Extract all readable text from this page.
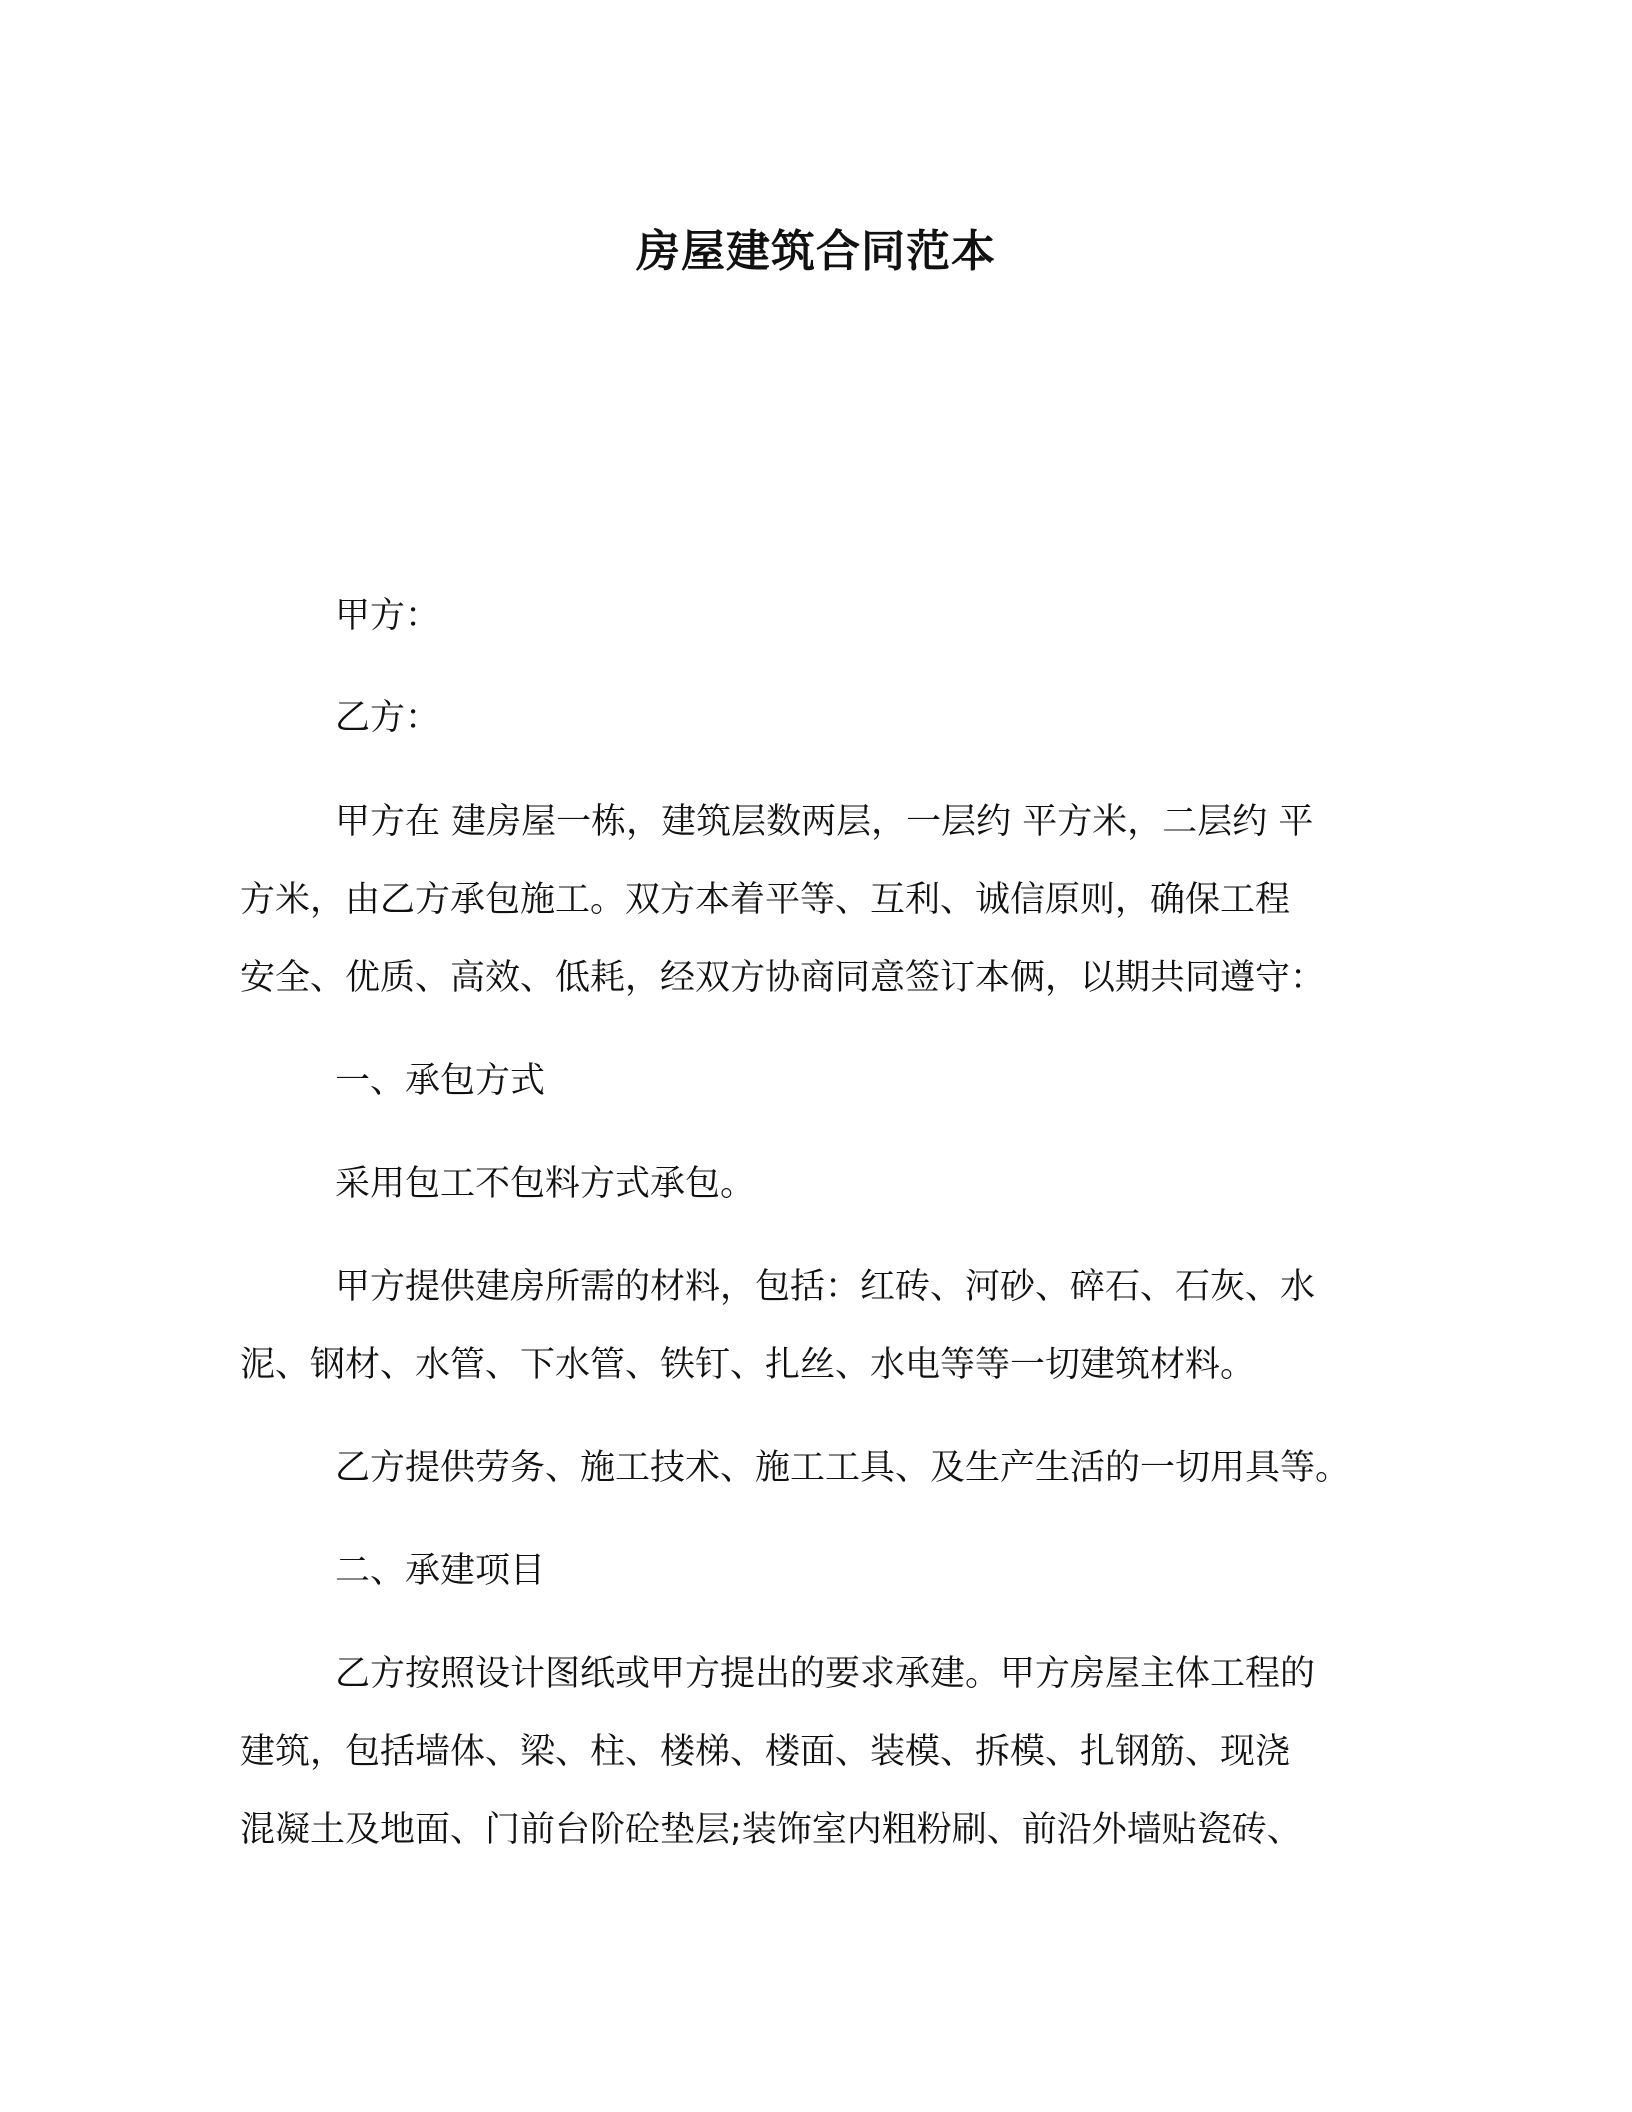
房屋建筑合同范本
甲方：
乙方：
甲方在 建房屋一栋，建筑层数两层，一层约 平方米，二层约 平
方米，由乙方承包施工。双方本着平等、互利、诚信原则，确保工程
安全、优质、高效、低耗，经双方协商同意签订本俩，以期共同遵守：
一、承包方式
采用包工不包料方式承包。
甲方提供建房所需的材料，包括：红砖、河砂、碎石、石灰、水
泥、钢材、水管、下水管、铁钉、扎丝、水电等等一切建筑材料。
乙方提供劳务、施工技术、施工工具、及生产生活的一切用具等。
二、承建项目
乙方按照设计图纸或甲方提出的要求承建。甲方房屋主体工程的
建筑，包括墙体、梁、柱、楼梯、楼面、装模、拆模、扎钢筋、现浇
混凝土及地面、门前台阶砼垫层;装饰室内粗粉刷、前沿外墙贴瓷砖、
